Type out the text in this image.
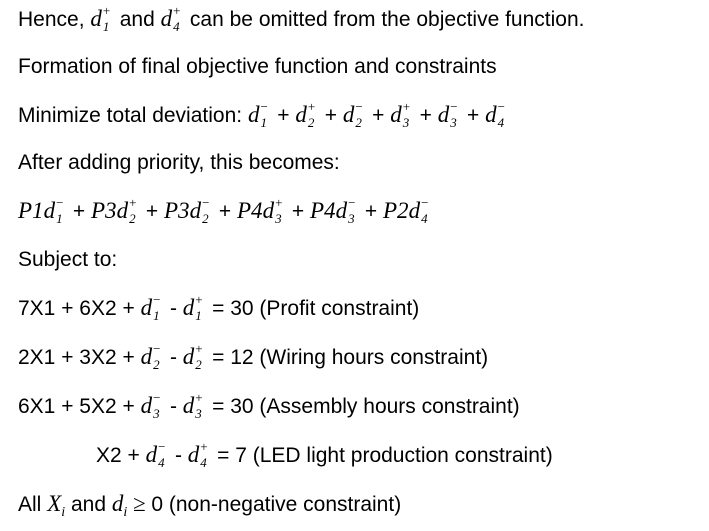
Hence, d +
1 and d +
4 can be omitted from the objective function.
Formation of final objective function and constraints
Minimize total deviation: d −
1 + d +
2 + d −
2 + d +
3 + d −
3 + d −
4
After adding priority, this becomes:
P1d −
1 + P3d +
2 + P3d −
2 + P4d +
3 + P4d −
3 + P2d −
4
Subject to:
7X1 + 6X2 + d −
1 - d +
1 = 30 (Profit constraint)
2X1 + 3X2 + d −
2 - d +
2 = 12 (Wiring hours constraint)
6X1 + 5X2 + d −
3 - d +
3 = 30 (Assembly hours constraint)
X2 + d −
4 - d +
4 = 7 (LED light production constraint)
All $X_i$ and $d_i \ge 0$ (non-negative constraint)
